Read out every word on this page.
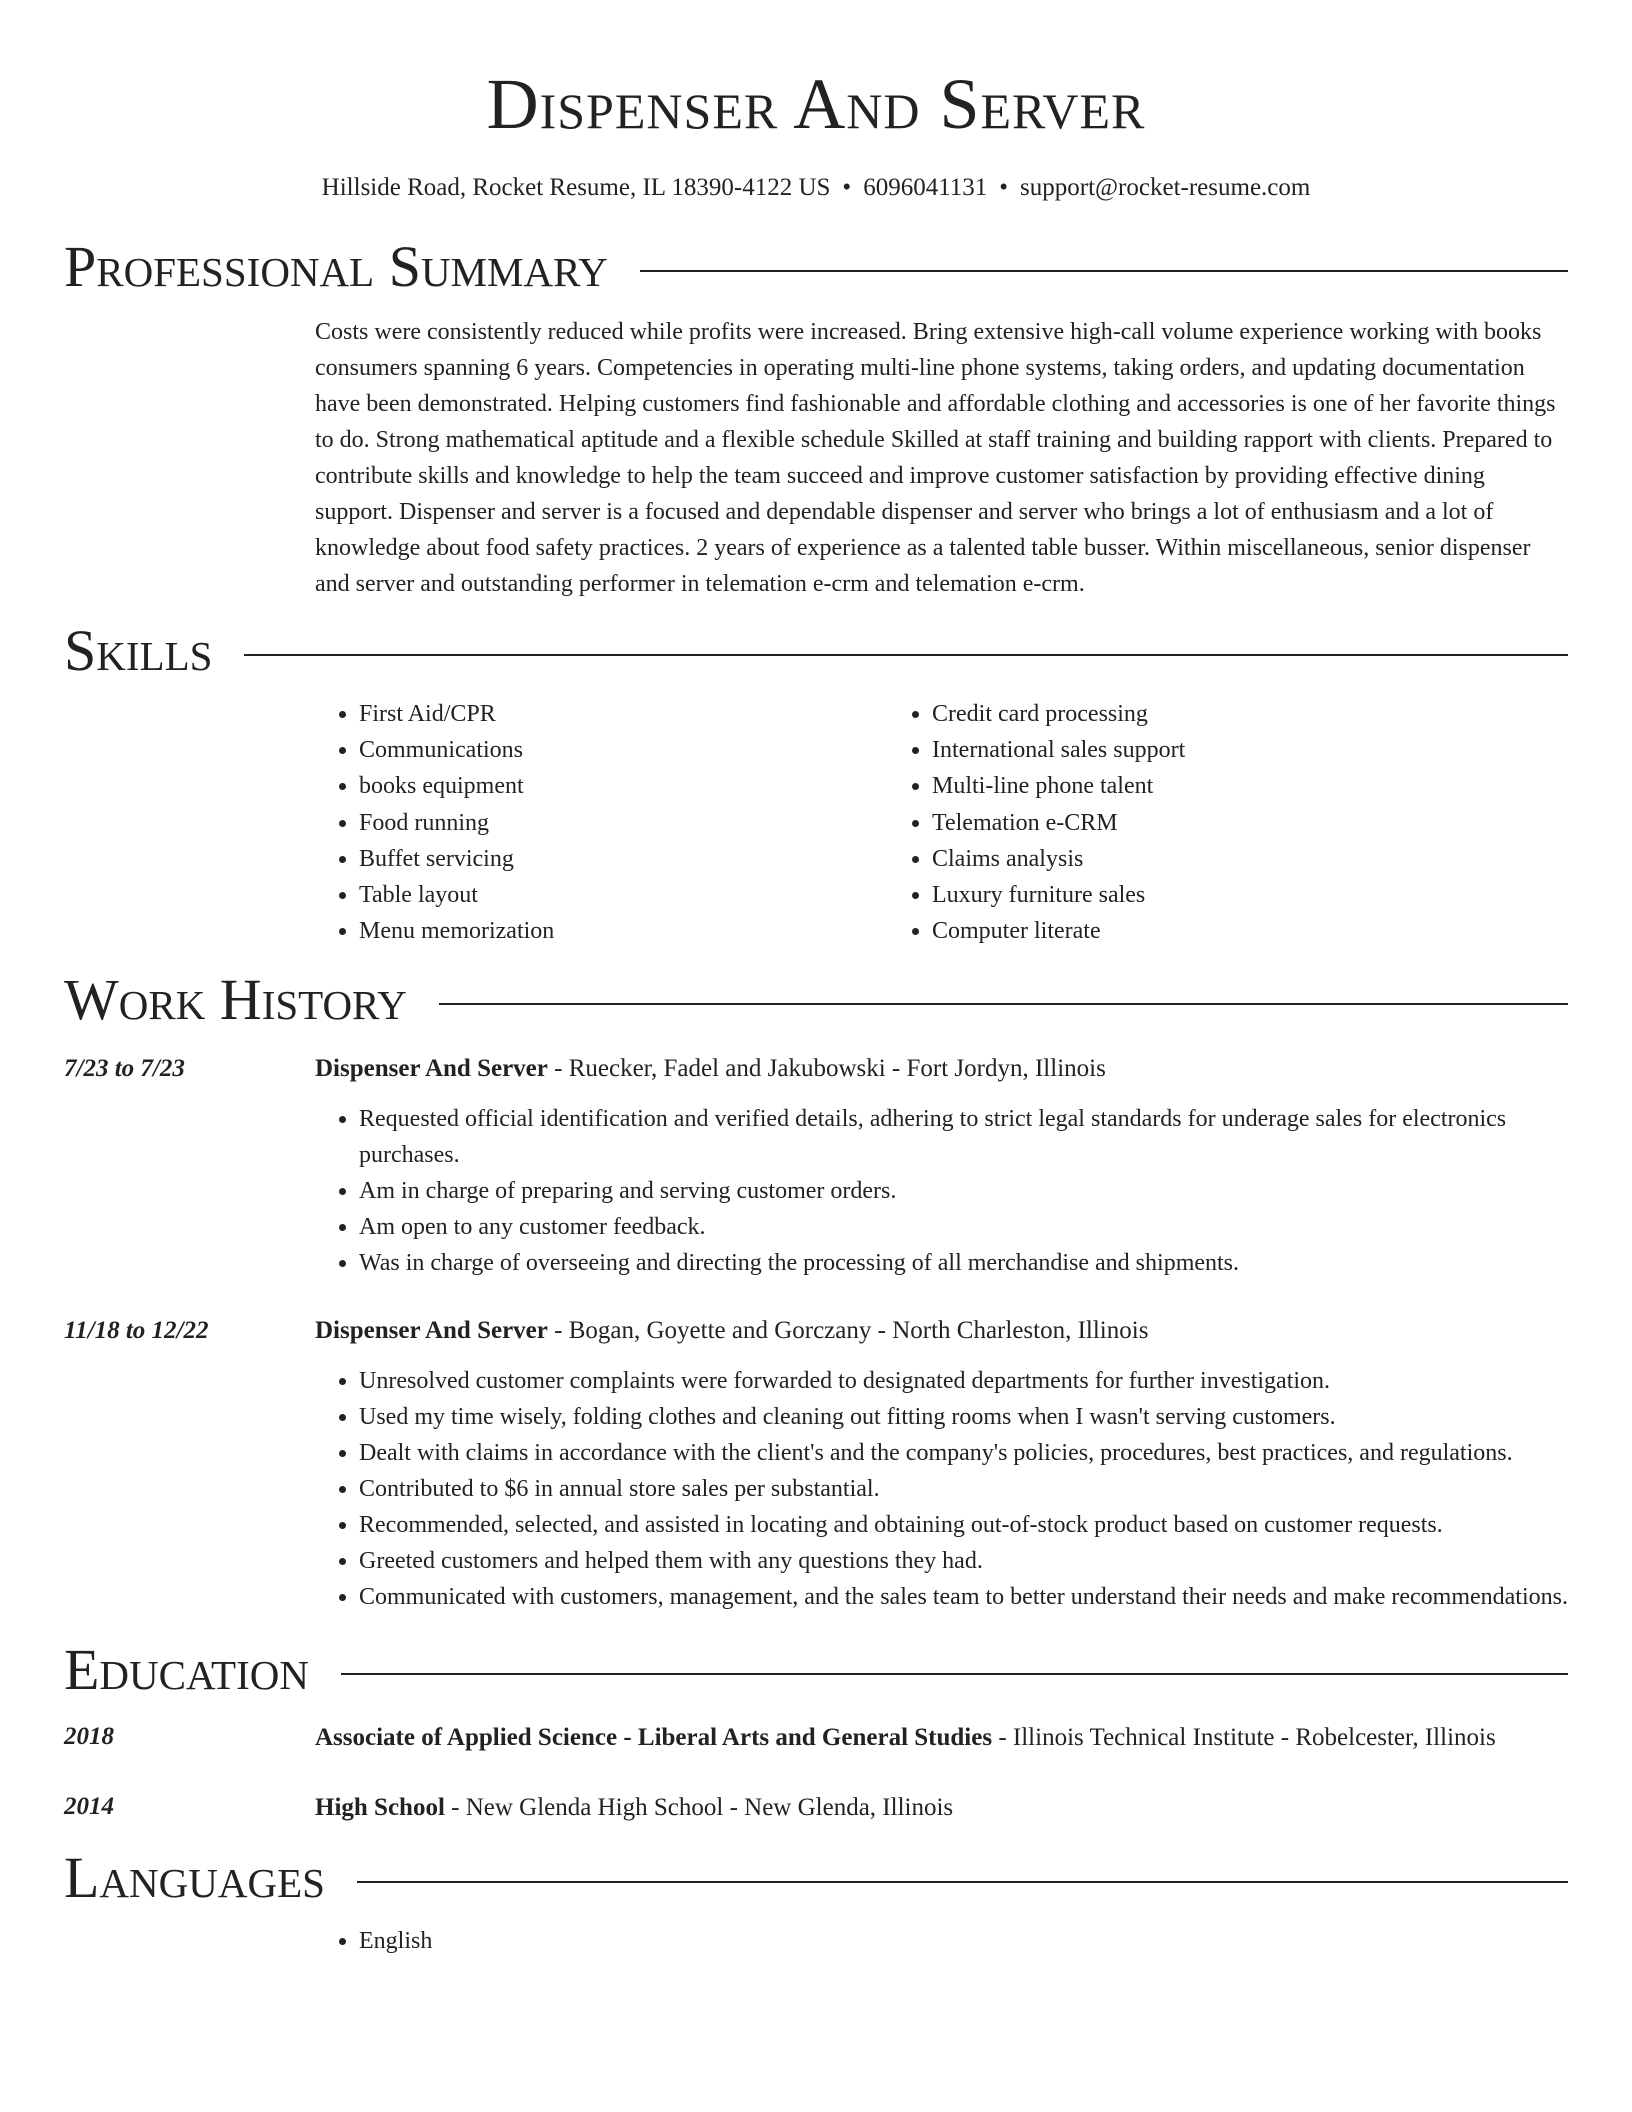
Dispenser And Server
Hillside Road, Rocket Resume, IL 18390-4122 US • 6096041131 • support@rocket-resume.com
Professional Summary

Costs were consistently reduced while profits were increased. Bring extensive high-call volume experience working with books consumers spanning 6 years. Competencies in operating multi-line phone systems, taking orders, and updating documentation have been demonstrated. Helping customers find fashionable and affordable clothing and accessories is one of her favorite things to do. Strong mathematical aptitude and a flexible schedule Skilled at staff training and building rapport with clients. Prepared to contribute skills and knowledge to help the team succeed and improve customer satisfaction by providing effective dining support. Dispenser and server is a focused and dependable dispenser and server who brings a lot of enthusiasm and a lot of knowledge about food safety practices. 2 years of experience as a talented table busser. Within miscellaneous, senior dispenser and server and outstanding performer in telemation e-crm and telemation e-crm.

Skills
• First Aid/CPR
• Communications
• books equipment
• Food running
• Buffet servicing
• Table layout
• Menu memorization
• Credit card processing
• International sales support
• Multi-line phone talent
• Telemation e-CRM
• Claims analysis
• Luxury furniture sales
• Computer literate
Work History
7/23 to 7/23	Dispenser And Server - Ruecker, Fadel and Jakubowski - Fort Jordyn, Illinois
• Requested official identification and verified details, adhering to strict legal standards for underage sales for electronics purchases.
• Am in charge of preparing and serving customer orders.
• Am open to any customer feedback.
• Was in charge of overseeing and directing the processing of all merchandise and shipments.
11/18 to 12/22	Dispenser And Server - Bogan, Goyette and Gorczany - North Charleston, Illinois
• Unresolved customer complaints were forwarded to designated departments for further investigation.
• Used my time wisely, folding clothes and cleaning out fitting rooms when I wasn't serving customers.
• Dealt with claims in accordance with the client's and the company's policies, procedures, best practices, and regulations.
• Contributed to $6 in annual store sales per substantial.
• Recommended, selected, and assisted in locating and obtaining out-of-stock product based on customer requests.
• Greeted customers and helped them with any questions they had.
• Communicated with customers, management, and the sales team to better understand their needs and make recommendations.
Education
2018	Associate of Applied Science - Liberal Arts and General Studies - Illinois Technical Institute - Robelcester, Illinois
2014	High School - New Glenda High School - New Glenda, Illinois
Languages
• English
